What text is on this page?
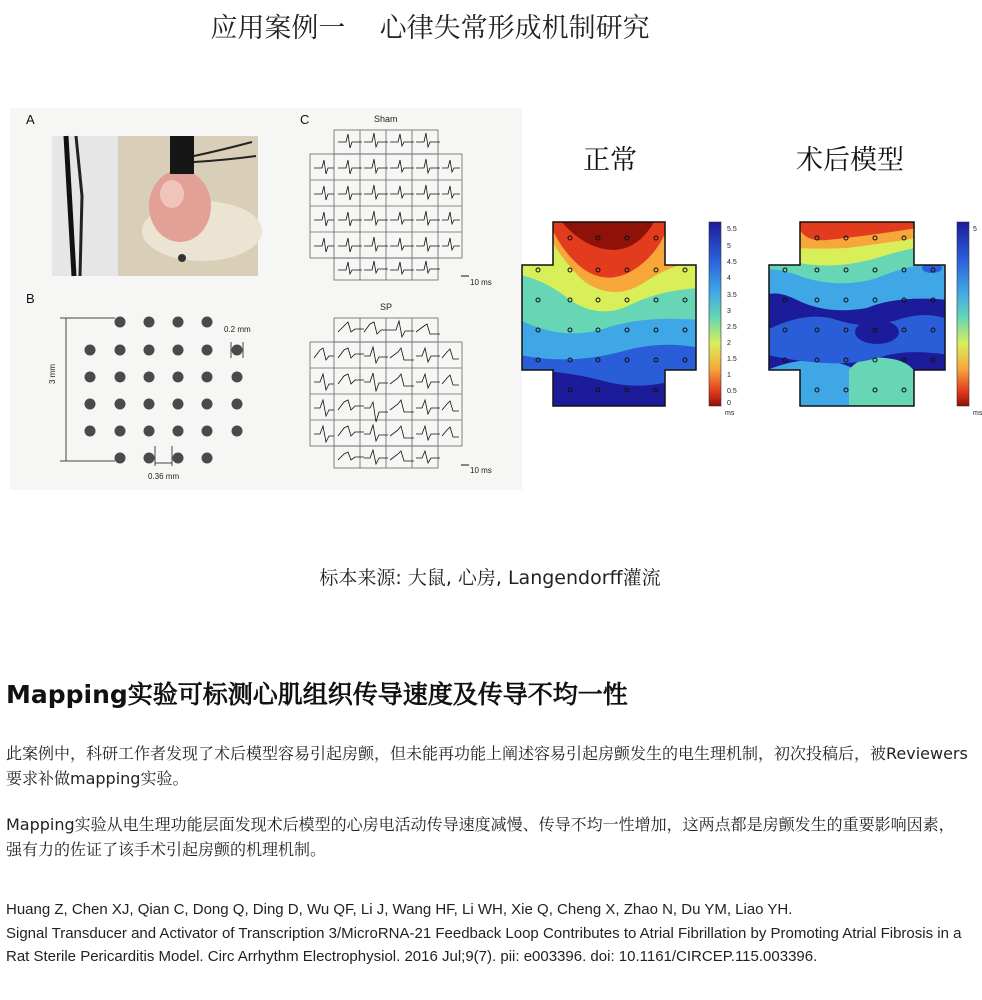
应用案例一    心律失常形成机制研究
A
B
C
0.2 mm
0.36 mm
3 mm
Sham
10 ms
SP
10 ms
正常	术后模型
5.5
5
4.5
4
3.5
3
2.5
2
1.5
1
0.5
0
ms
5
ms
标本来源: 大鼠, 心房, Langendorff灌流
Mapping实验可标测心肌组织传导速度及传导不均一性
此案例中，科研工作者发现了术后模型容易引起房颤，但未能再功能上阐述容易引起房颤发生的电生理机制，初次投稿后，被Reviewers要求补做mapping实验。
Mapping实验从电生理功能层面发现术后模型的心房电活动传导速度减慢、传导不均一性增加，这两点都是房颤发生的重要影响因素，强有力的佐证了该手术引起房颤的机理机制。
Huang Z, Chen XJ, Qian C, Dong Q, Ding D, Wu QF, Li J, Wang HF, Li WH, Xie Q, Cheng X, Zhao N, Du YM, Liao YH.
Signal Transducer and Activator of Transcription 3/MicroRNA-21 Feedback Loop Contributes to Atrial Fibrillation by Promoting Atrial Fibrosis in a Rat Sterile Pericarditis Model. Circ Arrhythm Electrophysiol. 2016 Jul;9(7). pii: e003396. doi: 10.1161/CIRCEP.115.003396.
